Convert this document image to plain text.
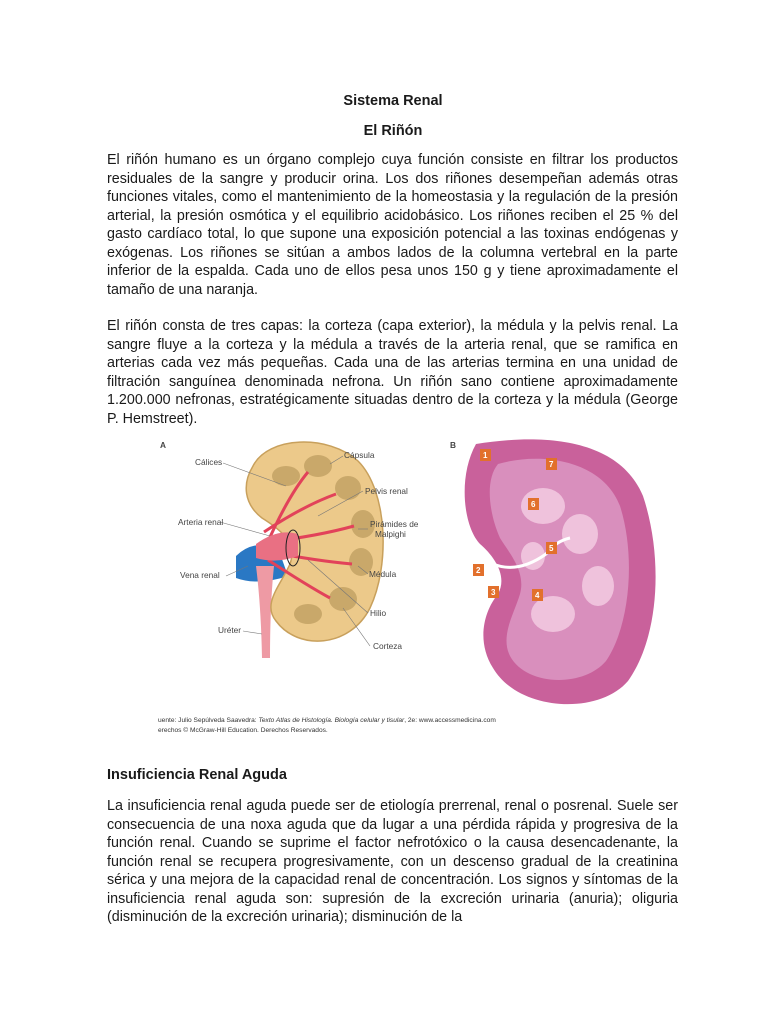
Sistema Renal
El Riñón

El riñón humano es un órgano complejo cuya función consiste en filtrar los productos residuales de la sangre y producir orina. Los dos riñones desempeñan además otras funciones vitales, como el mantenimiento de la homeostasia y la regulación de la presión arterial, la presión osmótica y el equilibrio acidobásico. Los riñones reciben el 25 % del gasto cardíaco total, lo que supone una exposición potencial a las toxinas endógenas y exógenas. Los riñones se sitúan a ambos lados de la columna vertebral en la parte inferior de la espalda. Cada uno de ellos pesa unos 150 g y tiene aproximadamente el tamaño de una naranja.

El riñón consta de tres capas: la corteza (capa exterior), la médula y la pelvis renal. La sangre fluye a la corteza y la médula a través de la arteria renal, que se ramifica en arterias cada vez más pequeñas. Cada una de las arterias termina en una unidad de filtración sanguínea denominada nefrona. Un riñón sano contiene aproximadamente 1.200.000 nefronas, estratégicamente situadas dentro de la corteza y la médula (George P. Hemstreet).

A
Cálices
Cápsula
Pelvis renal
Pirámides de
Malpighi
Arteria renal
Vena renal	Médula
Hilio
Uréter
Corteza
B
1
2
3	4
5
6
7
uente: Julio Sepúlveda Saavedra: Texto Atlas de Histología. Biología celular y tisular, 2e: www.accessmedicina.com
erechos © McGraw-Hill Education. Derechos Reservados.
Insuficiencia Renal Aguda

La insuficiencia renal aguda puede ser de etiología prerrenal, renal o posrenal. Suele ser consecuencia de una noxa aguda que da lugar a una pérdida rápida y progresiva de la función renal. Cuando se suprime el factor nefrotóxico o la causa desencadenante, la función renal se recupera progresivamente, con un descenso gradual de la creatinina sérica y una mejora de la capacidad renal de concentración. Los signos y síntomas de la insuficiencia renal aguda son: supresión de la excreción urinaria (anuria); oliguria (disminución de la excreción urinaria); disminución de la
